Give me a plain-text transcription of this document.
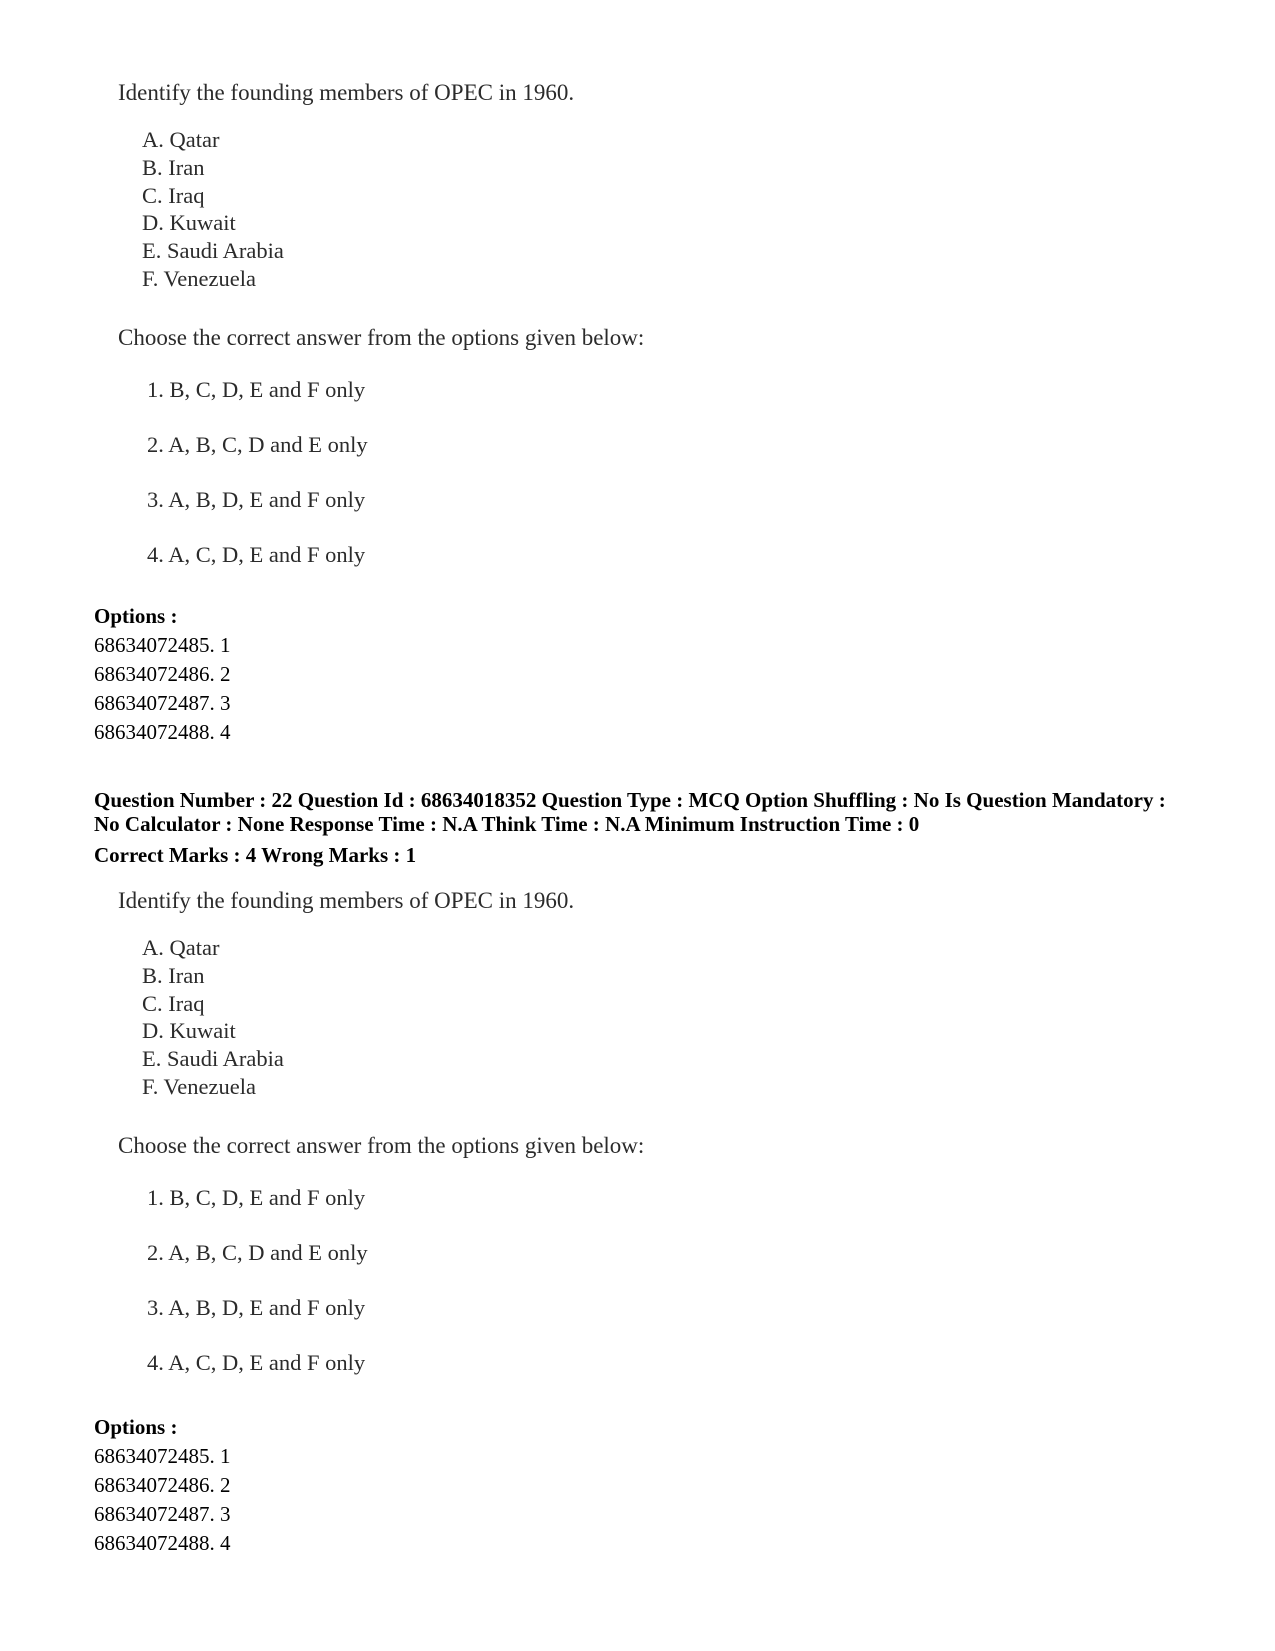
Identify the founding members of OPEC in 1960.
A. Qatar
B. Iran
C. Iraq
D. Kuwait
E. Saudi Arabia
F. Venezuela
Choose the correct answer from the options given below:
1. B, C, D, E and F only
2. A, B, C, D and E only
3. A, B, D, E and F only
4. A, C, D, E and F only
Options :
68634072485. 1
68634072486. 2
68634072487. 3
68634072488. 4
Question Number : 22 Question Id : 68634018352 Question Type : MCQ Option Shuffling : No Is Question Mandatory :
No Calculator : None Response Time : N.A Think Time : N.A Minimum Instruction Time : 0
Correct Marks : 4 Wrong Marks : 1
Identify the founding members of OPEC in 1960.
A. Qatar
B. Iran
C. Iraq
D. Kuwait
E. Saudi Arabia
F. Venezuela
Choose the correct answer from the options given below:
1. B, C, D, E and F only
2. A, B, C, D and E only
3. A, B, D, E and F only
4. A, C, D, E and F only
Options :
68634072485. 1
68634072486. 2
68634072487. 3
68634072488. 4
